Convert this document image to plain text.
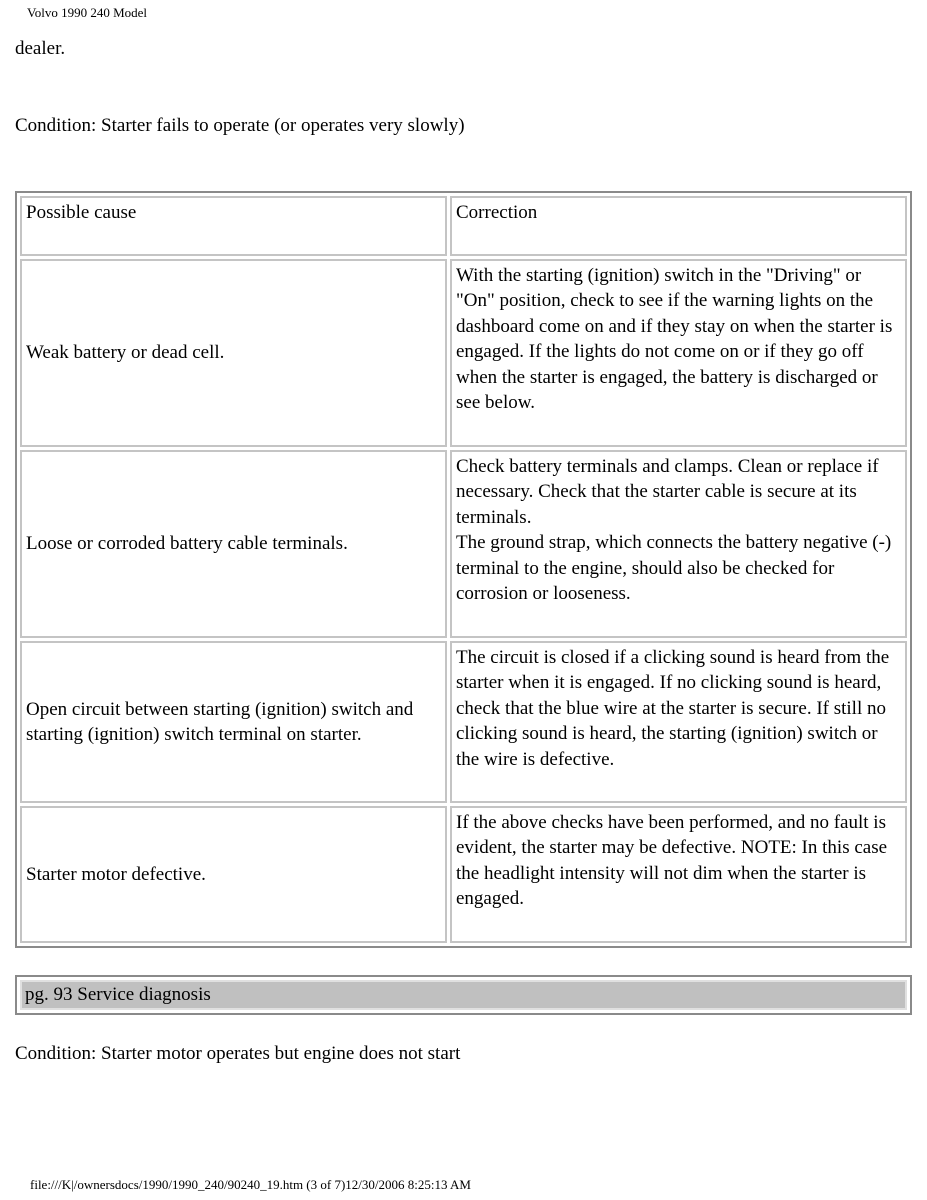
Volvo 1990 240 Model
dealer.
Condition: Starter fails to operate (or operates very slowly)
Possible cause	Correction
Weak battery or dead cell.	With the starting (ignition) switch in the "Driving" or "On" position, check to see if the warning lights on the dashboard come on and if they stay on when the starter is engaged. If the lights do not come on or if they go off when the starter is engaged, the battery is discharged or see below.
Loose or corroded battery cable terminals.	Check battery terminals and clamps. Clean or replace if necessary. Check that the starter cable is secure at its terminals.
The ground strap, which connects the battery negative (-) terminal to the engine, should also be checked for corrosion or looseness.

Open circuit between starting (ignition) switch and starting (ignition) switch terminal on starter.	The circuit is closed if a clicking sound is heard from the starter when it is engaged. If no clicking sound is heard, check that the blue wire at the starter is secure. If still no clicking sound is heard, the starting (ignition) switch or the wire is defective.
Starter motor defective.	If the above checks have been performed, and no fault is evident, the starter may be defective. NOTE: In this case the headlight intensity will not dim when the starter is engaged.
pg. 93 Service diagnosis
Condition: Starter motor operates but engine does not start
file:///K|/ownersdocs/1990/1990_240/90240_19.htm (3 of 7)12/30/2006 8:25:13 AM
